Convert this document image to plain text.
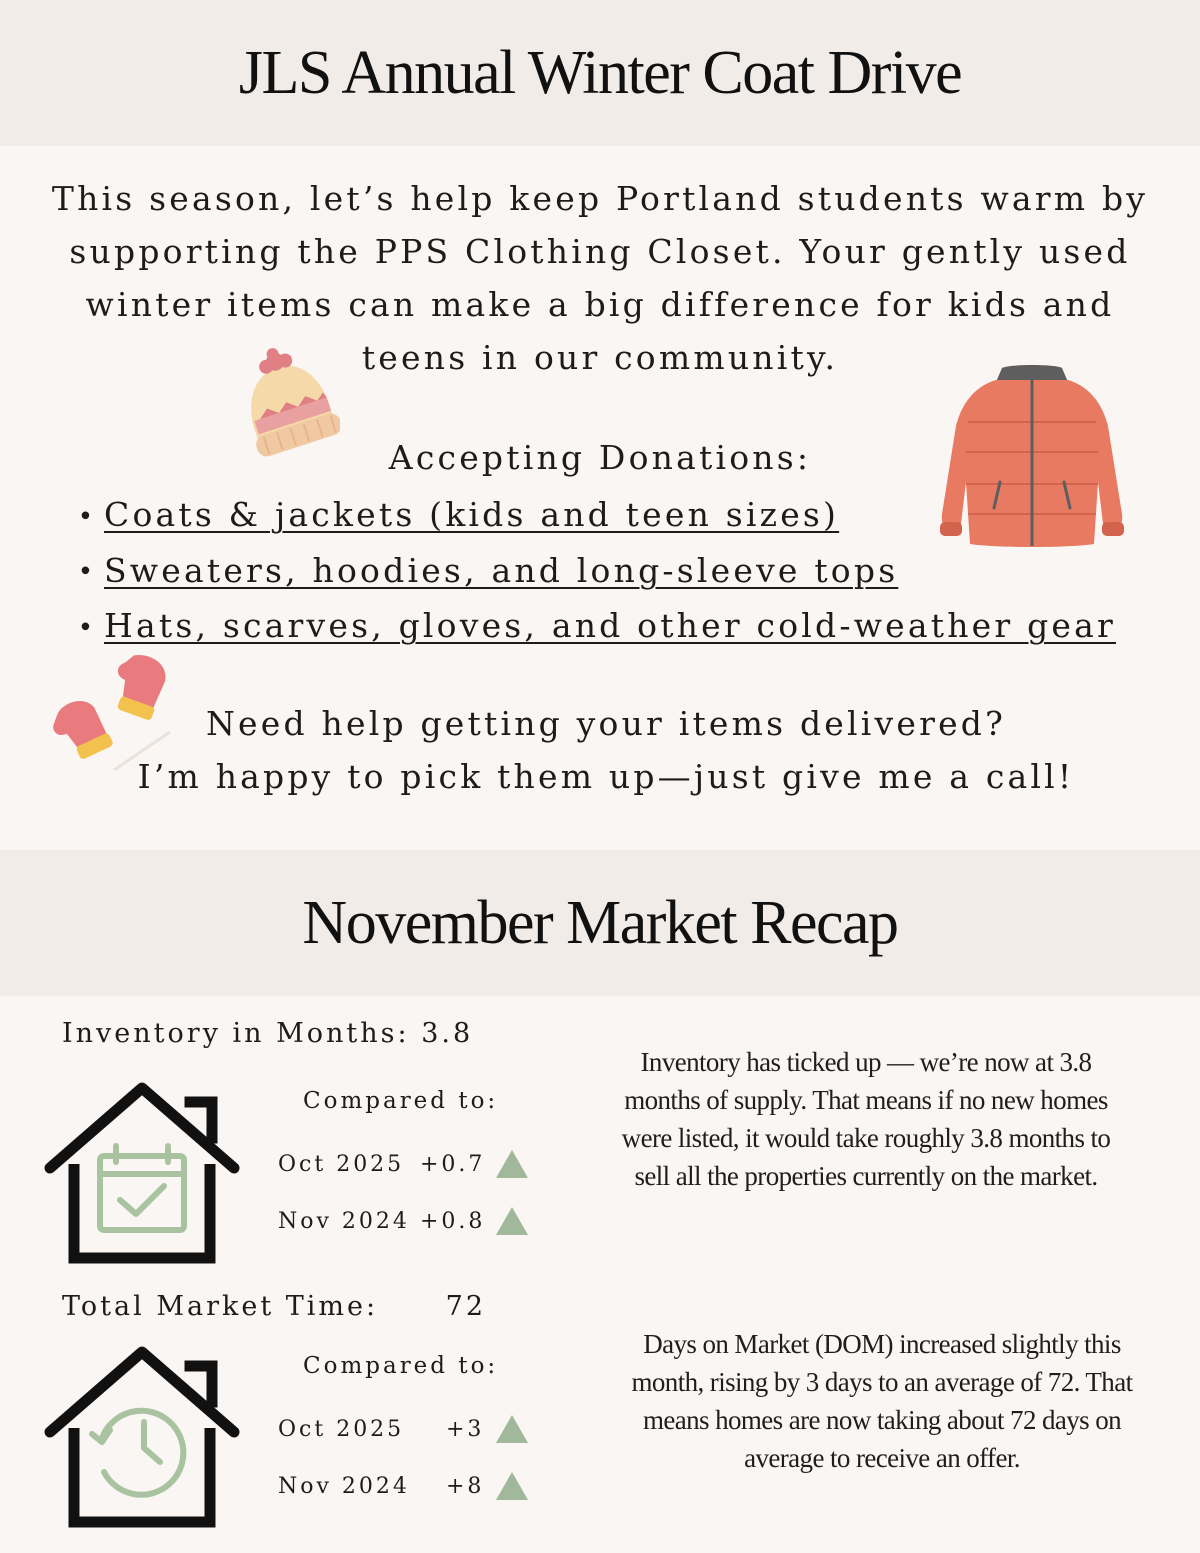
JLS Annual Winter Coat Drive

This season, let’s help keep Portland students warm by
supporting the PPS Clothing Closet. Your gently used
winter items can make a big difference for kids and
teens in our community.

Accepting Donations:

• Coats & jackets (kids and teen sizes)
• Sweaters, hoodies, and long-sleeve tops
• Hats, scarves, gloves, and other cold-weather gear

Need help getting your items delivered?
I’m happy to pick them up—just give me a call!

November Market Recap

Inventory in Months: 3.8

Compared to:

Oct 2025 +0.7
Nov 2024 +0.8

Inventory has ticked up — we’re now at 3.8 months of supply. That means if no new homes were listed, it would take roughly 3.8 months to sell all the properties currently on the market.

Total Market Time:	72

Compared to:

Oct 2025 +3
Nov 2024 +8

Days on Market (DOM) increased slightly this month, rising by 3 days to an average of 72. That means homes are now taking about 72 days on average to receive an offer.
